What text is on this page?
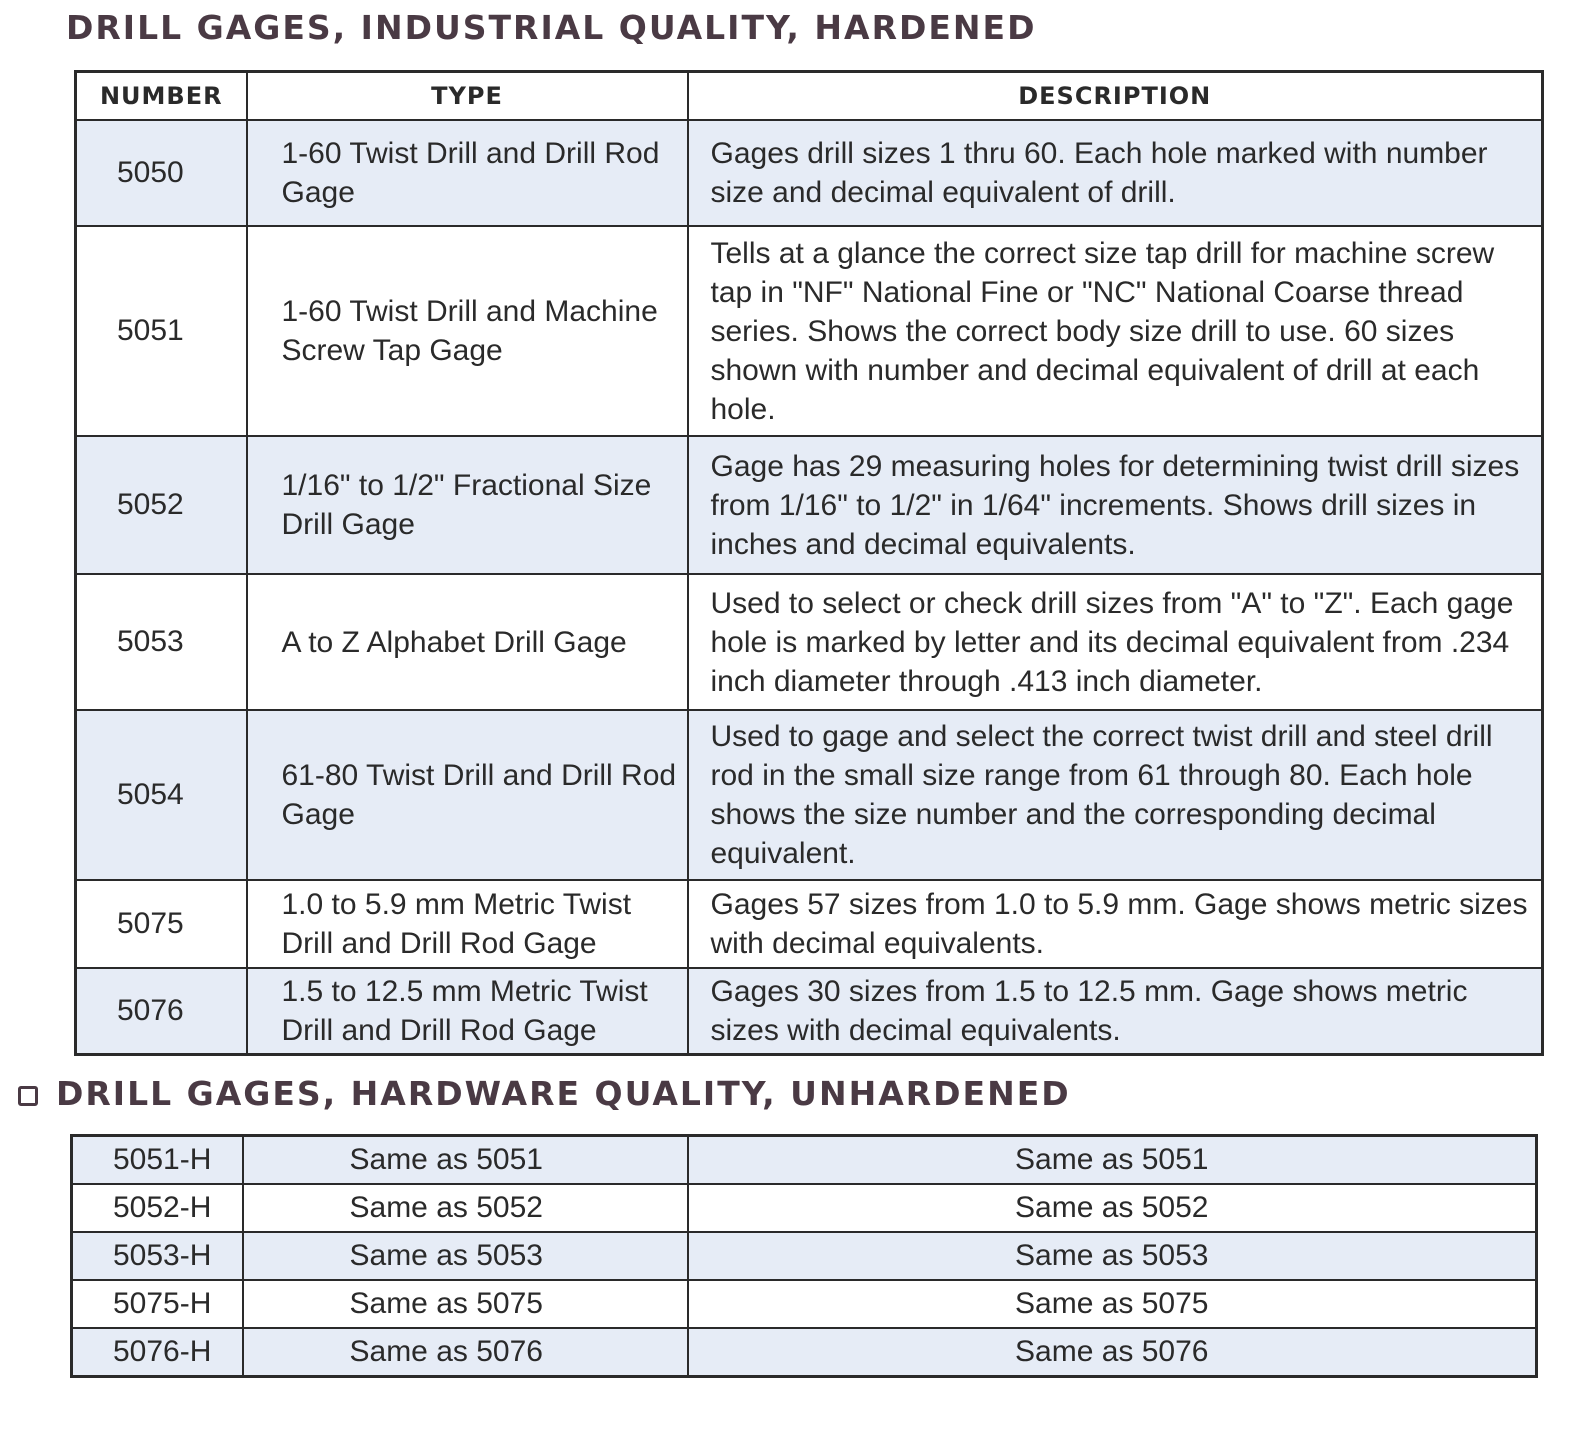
DRILL GAGES, INDUSTRIAL QUALITY, HARDENED
NUMBER	TYPE	DESCRIPTION
5050	1-60 Twist Drill and Drill Rod Gage	Gages drill sizes 1 thru 60. Each hole marked with number size and decimal equivalent of drill.
5051	1-60 Twist Drill and Machine Screw Tap Gage	Tells at a glance the correct size tap drill for machine screw tap in "NF" National Fine or "NC" National Coarse thread series. Shows the correct body size drill to use. 60 sizes shown with number and decimal equivalent of drill at each hole.
5052	1/16" to 1/2" Fractional Size Drill Gage	Gage has 29 measuring holes for determining twist drill sizes from 1/16" to 1/2" in 1/64" increments. Shows drill sizes in inches and decimal equivalents.
5053	A to Z Alphabet Drill Gage	Used to select or check drill sizes from "A" to "Z". Each gage hole is marked by letter and its decimal equivalent from .234 inch diameter through .413 inch diameter.
5054	61-80 Twist Drill and Drill Rod Gage	Used to gage and select the correct twist drill and steel drill rod in the small size range from 61 through 80. Each hole shows the size number and the corresponding decimal equivalent.
5075	1.0 to 5.9 mm Metric Twist Drill and Drill Rod Gage	Gages 57 sizes from 1.0 to 5.9 mm. Gage shows metric sizes with decimal equivalents.
5076	1.5 to 12.5 mm Metric Twist Drill and Drill Rod Gage	Gages 30 sizes from 1.5 to 12.5 mm. Gage shows metric sizes with decimal equivalents.
DRILL GAGES, HARDWARE QUALITY, UNHARDENED
5051-H	Same as 5051	Same as 5051
5052-H	Same as 5052	Same as 5052
5053-H	Same as 5053	Same as 5053
5075-H	Same as 5075	Same as 5075
5076-H	Same as 5076	Same as 5076
